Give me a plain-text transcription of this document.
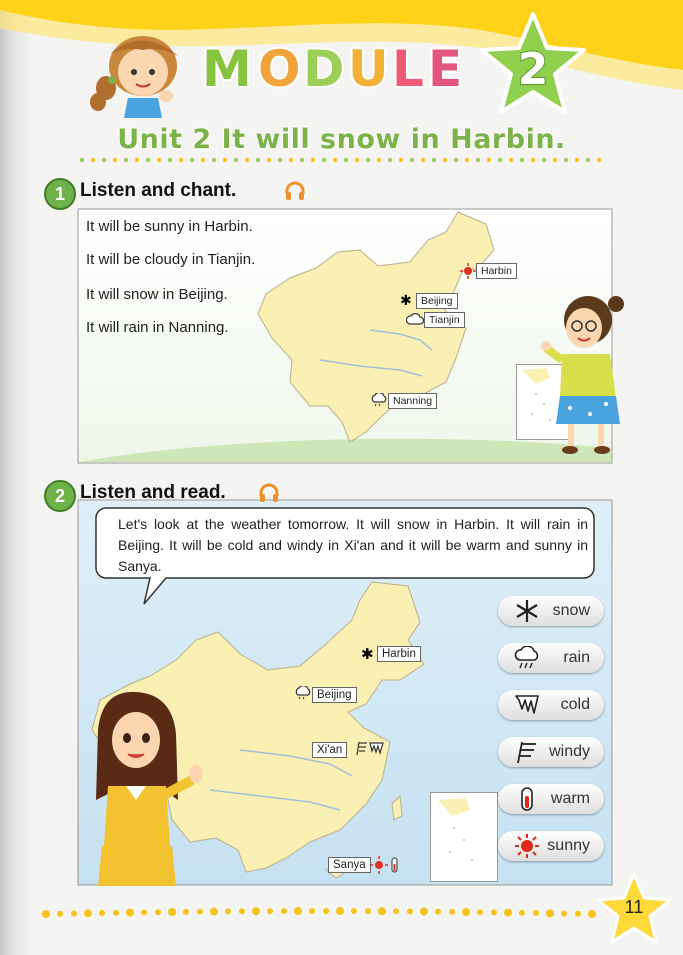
M O D U L E 2
Unit 2 It will snow in Harbin.
1 Listen and chant.
It will be sunny in Harbin.
It will be cloudy in Tianjin.
It will snow in Beijing.
It will rain in Nanning.
Harbin
✱ Beijing
Tianjin
Nanning
2 Listen and read.
Let's look at the weather tomorrow. It will snow in Harbin. It will rain in Beijing. It will be cold and windy in Xi'an and it will be warm and sunny in Sanya.
✱ Harbin
Beijing
Xi'an
Sanya
snow
rain
cold
windy
warm
sunny
11
